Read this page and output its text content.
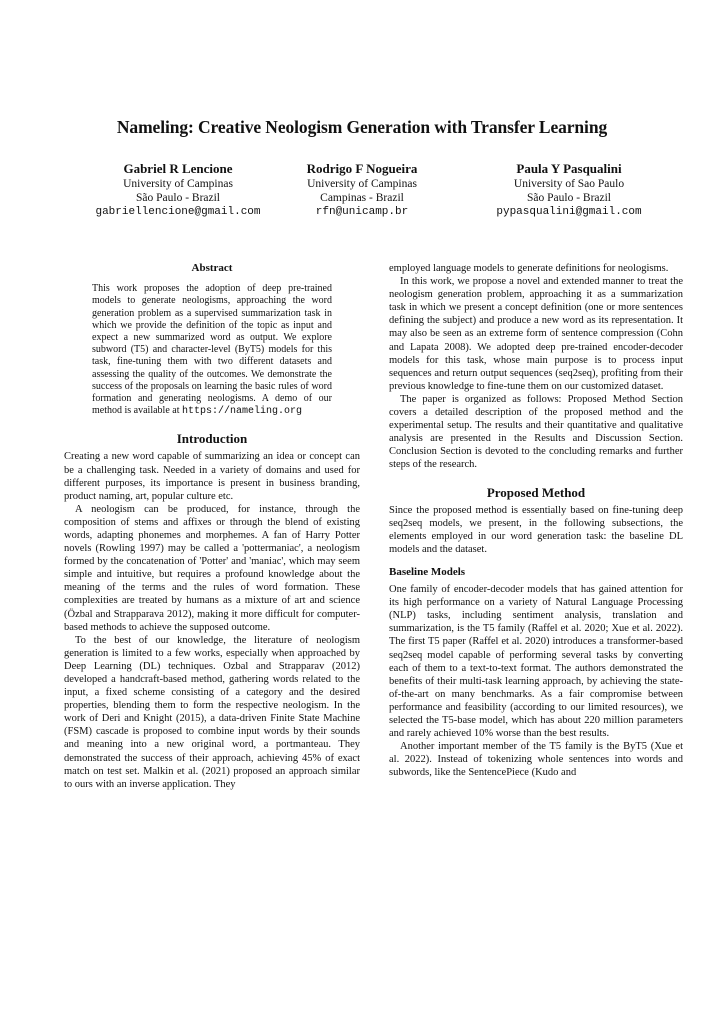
Nameling: Creative Neologism Generation with Transfer Learning
Gabriel R Lencione
University of Campinas
São Paulo - Brazil
gabriellencione@gmail.com
Rodrigo F Nogueira
University of Campinas
Campinas - Brazil
rfn@unicamp.br
Paula Y Pasqualini
University of Sao Paulo
São Paulo - Brazil
pypasqualini@gmail.com
Abstract

This work proposes the adoption of deep pre-trained models to generate neologisms, approaching the word generation problem as a supervised summarization task in which we provide the definition of the topic as input and expect a new summarized word as output. We explore subword (T5) and character-level (ByT5) models for this task, fine-tuning them with two different datasets and assessing the quality of the outcomes. We demonstrate the success of the proposals on learning the basic rules of word formation and generating neologisms. A demo of our method is available at https://nameling.org

Introduction

Creating a new word capable of summarizing an idea or concept can be a challenging task. Needed in a variety of domains and used for different purposes, its importance is present in business branding, product naming, art, popular culture etc.

A neologism can be produced, for instance, through the composition of stems and affixes or through the blend of existing words, adapting phonemes and morphemes. A fan of Harry Potter novels (Rowling 1997) may be called a 'pottermaniac', a neologism formed by the concatenation of 'Potter' and 'maniac', which may seem simple and intuitive, but requires a profound knowledge about the meaning of the terms and the rules of word formation. These complexities are treated by humans as a mixture of art and science (Özbal and Strapparava 2012), making it more difficult for computer-based methods to achieve the supposed outcome.

To the best of our knowledge, the literature of neologism generation is limited to a few works, especially when approached by Deep Learning (DL) techniques. Ozbal and Strapparav (2012) developed a handcraft-based method, gathering words related to the input, a fixed scheme consisting of a category and the desired properties, blending them to form the respective neologism. In the work of Deri and Knight (2015), a data-driven Finite State Machine (FSM) cascade is proposed to combine input words by their sounds and meaning into a new original word, a portmanteau. They demonstrated the success of their approach, achieving 45% of exact match on test set. Malkin et al. (2021) proposed an approach similar to ours with an inverse application. They

employed language models to generate definitions for neologisms.

In this work, we propose a novel and extended manner to treat the neologism generation problem, approaching it as a summarization task in which we present a concept definition (one or more sentences defining the subject) and produce a new word as its representation. It may also be seen as an extreme form of sentence compression (Cohn and Lapata 2008). We adopted deep pre-trained encoder-decoder models for this task, whose main purpose is to process input sequences and return output sequences (seq2seq), profiting from their previous knowledge to fine-tune them on our customized dataset.

The paper is organized as follows: Proposed Method Section covers a detailed description of the proposed method and the experimental setup. The results and their quantitative and qualitative analysis are presented in the Results and Discussion Section. Conclusion Section is devoted to the concluding remarks and further steps of the research.

Proposed Method

Since the proposed method is essentially based on fine-tuning deep seq2seq models, we present, in the following subsections, the elements employed in our word generation task: the baseline DL models and the dataset.

Baseline Models

One family of encoder-decoder models that has gained attention for its high performance on a variety of Natural Language Processing (NLP) tasks, including sentiment analysis, translation and summarization, is the T5 family (Raffel et al. 2020; Xue et al. 2022). The first T5 paper (Raffel et al. 2020) introduces a transformer-based seq2seq model capable of performing several tasks by converting each of them to a text-to-text format. The authors demonstrated the benefits of their multi-task learning approach, by achieving the state-of-the-art on many benchmarks. As a fair compromise between performance and feasibility (according to our limited resources), we selected the T5-base model, which has about 220 million parameters and rarely achieved 10% worse than the best results.

Another important member of the T5 family is the ByT5 (Xue et al. 2022). Instead of tokenizing whole sentences into words and subwords, like the SentencePiece (Kudo and
